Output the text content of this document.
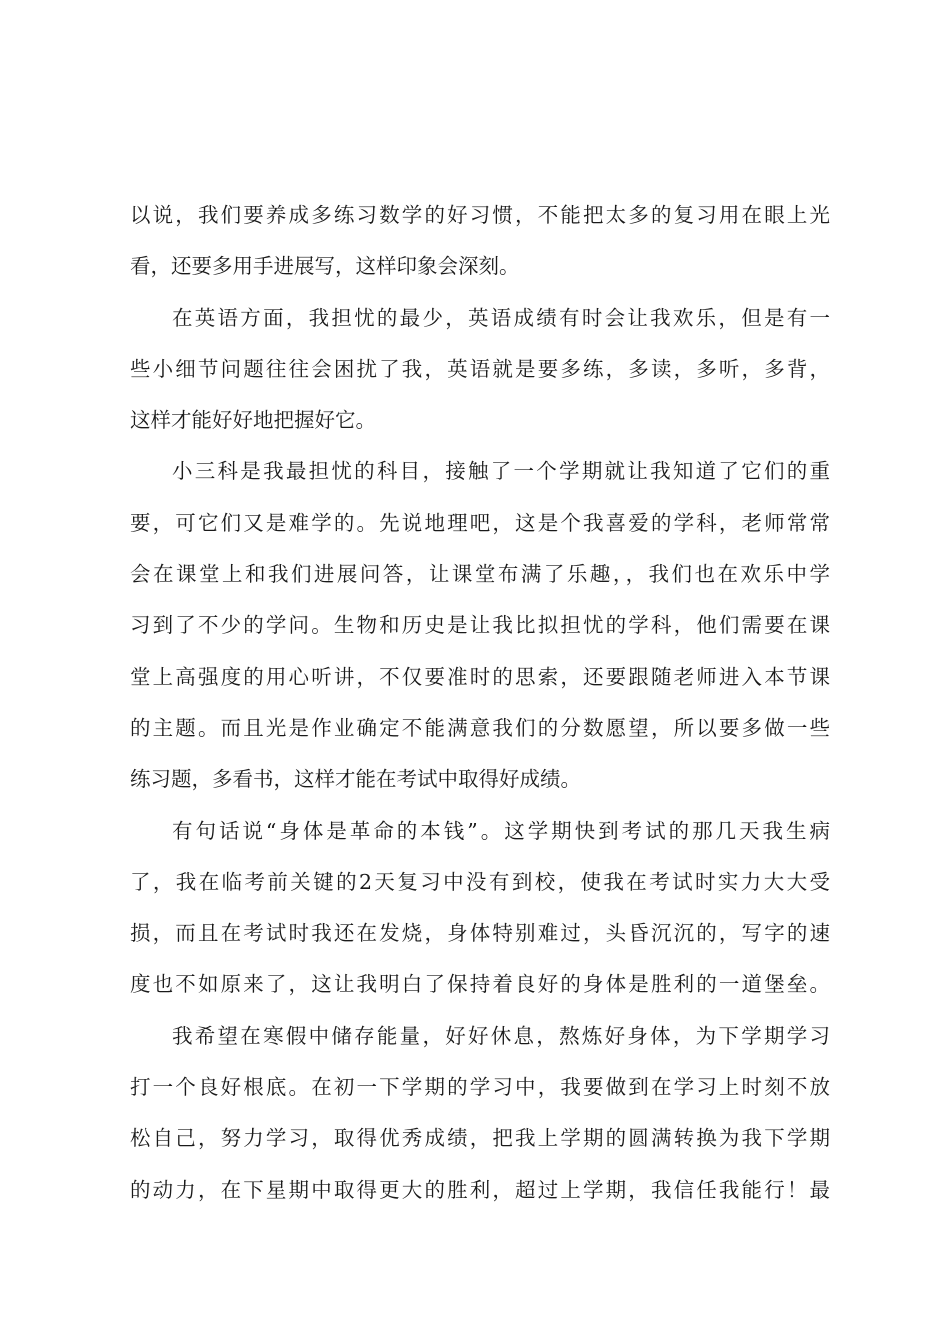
以说，我们要养成多练习数学的好习惯，不能把太多的复习用在眼上光
看，还要多用手进展写，这样印象会深刻。
在英语方面，我担忧的最少，英语成绩有时会让我欢乐，但是有一
些小细节问题往往会困扰了我，英语就是要多练，多读，多听，多背，
这样才能好好地把握好它。
小三科是我最担忧的科目，接触了一个学期就让我知道了它们的重
要，可它们又是难学的。先说地理吧，这是个我喜爱的学科，老师常常
会在课堂上和我们进展问答，让课堂布满了乐趣，，我们也在欢乐中学
习到了不少的学问。生物和历史是让我比拟担忧的学科，他们需要在课
堂上高强度的用心听讲，不仅要准时的思索，还要跟随老师进入本节课
的主题。而且光是作业确定不能满意我们的分数愿望，所以要多做一些
练习题，多看书，这样才能在考试中取得好成绩。
有句话说“身体是革命的本钱”。这学期快到考试的那几天我生病
了，我在临考前关键的2天复习中没有到校，使我在考试时实力大大受
损，而且在考试时我还在发烧，身体特别难过，头昏沉沉的，写字的速
度也不如原来了，这让我明白了保持着良好的身体是胜利的一道堡垒。
我希望在寒假中储存能量，好好休息，熬炼好身体，为下学期学习
打一个良好根底。在初一下学期的学习中，我要做到在学习上时刻不放
松自己，努力学习，取得优秀成绩，把我上学期的圆满转换为我下学期
的动力，在下星期中取得更大的胜利，超过上学期，我信任我能行！最
